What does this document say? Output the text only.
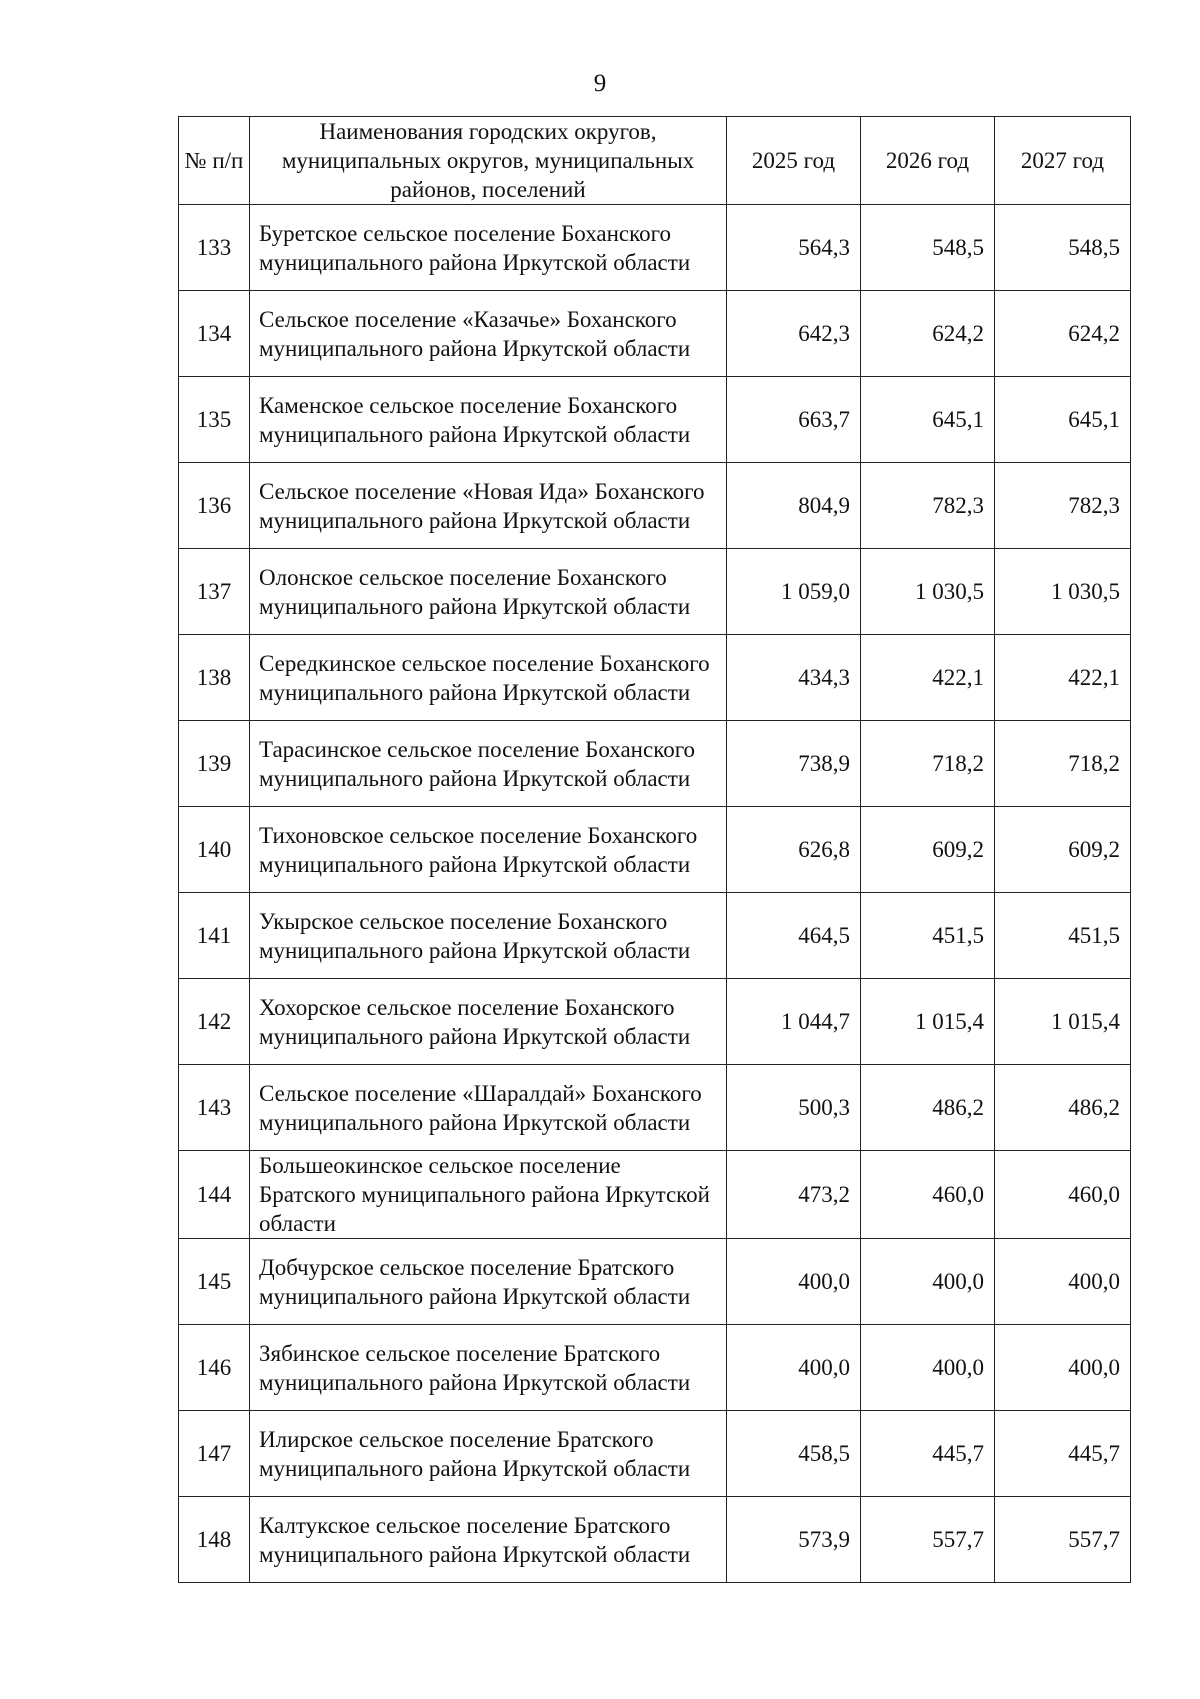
9
№ п/п	Наименования городских округов, муниципальных округов, муниципальных районов, поселений	2025 год	2026 год	2027 год
133	Буретское сельское поселение Боханского муниципального района Иркутской области	564,3	548,5	548,5
134	Сельское поселение «Казачье» Боханского муниципального района Иркутской области	642,3	624,2	624,2
135	Каменское сельское поселение Боханского муниципального района Иркутской области	663,7	645,1	645,1
136	Сельское поселение «Новая Ида» Боханского муниципального района Иркутской области	804,9	782,3	782,3
137	Олонское сельское поселение Боханского муниципального района Иркутской области	1 059,0	1 030,5	1 030,5
138	Середкинское сельское поселение Боханского муниципального района Иркутской области	434,3	422,1	422,1
139	Тарасинское сельское поселение Боханского муниципального района Иркутской области	738,9	718,2	718,2
140	Тихоновское сельское поселение Боханского муниципального района Иркутской области	626,8	609,2	609,2
141	Укырское сельское поселение Боханского муниципального района Иркутской области	464,5	451,5	451,5
142	Хохорское сельское поселение Боханского муниципального района Иркутской области	1 044,7	1 015,4	1 015,4
143	Сельское поселение «Шаралдай» Боханского муниципального района Иркутской области	500,3	486,2	486,2
144	Большеокинское сельское поселение Братского муниципального района Иркутской области	473,2	460,0	460,0
145	Добчурское сельское поселение Братского муниципального района Иркутской области	400,0	400,0	400,0
146	Зябинское сельское поселение Братского муниципального района Иркутской области	400,0	400,0	400,0
147	Илирское сельское поселение Братского муниципального района Иркутской области	458,5	445,7	445,7
148	Калтукское сельское поселение Братского муниципального района Иркутской области	573,9	557,7	557,7
